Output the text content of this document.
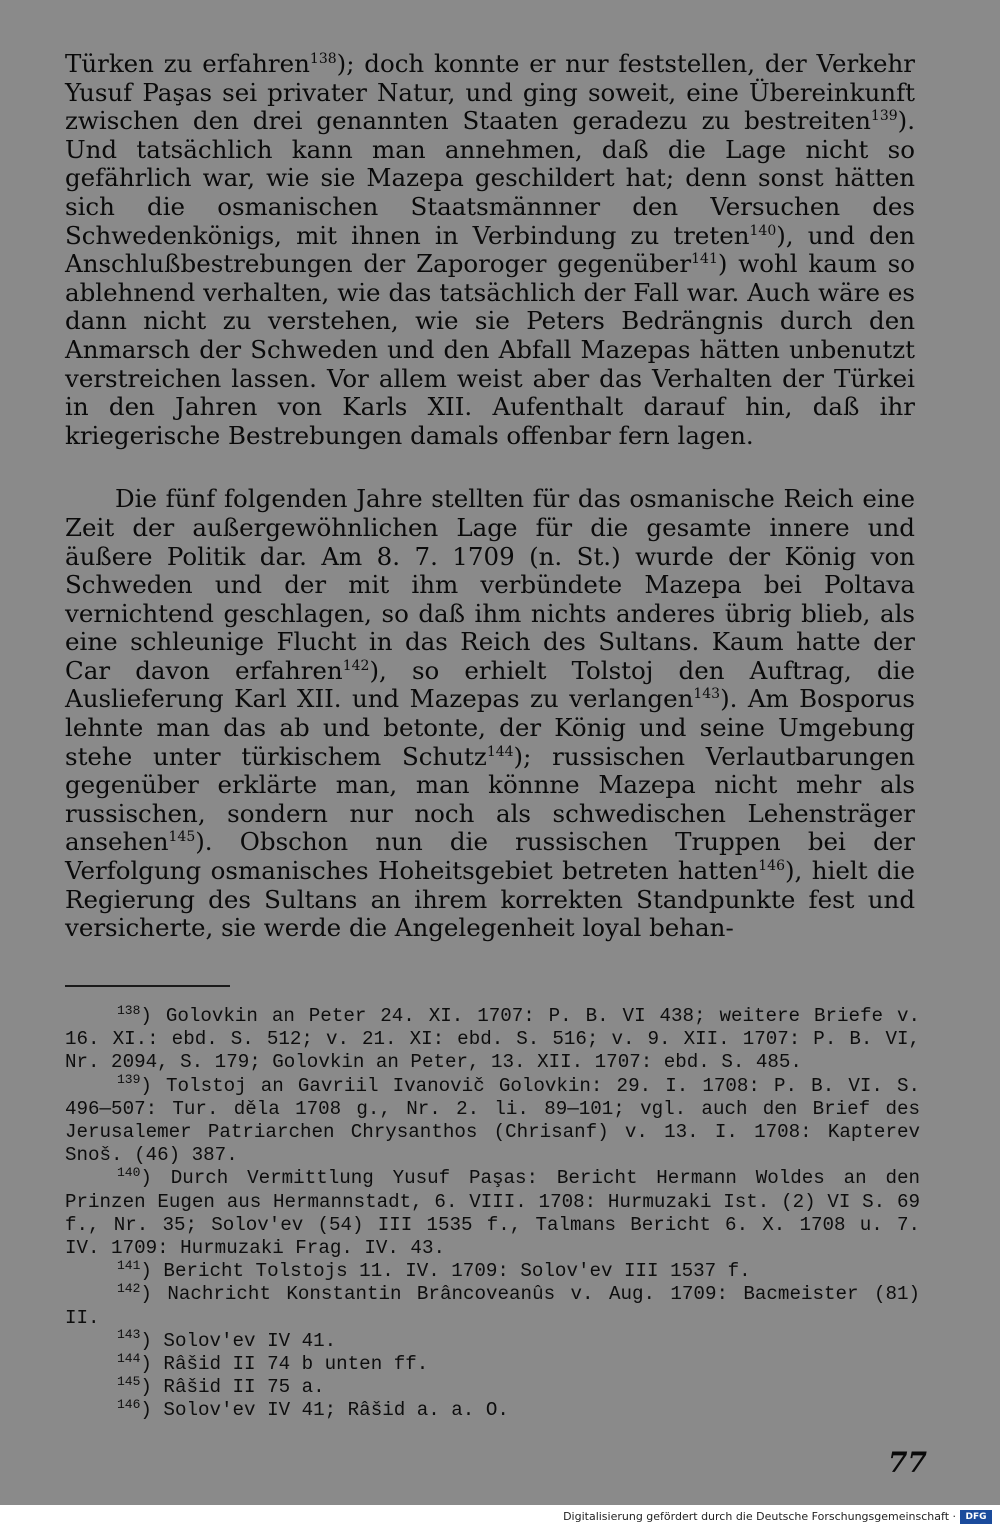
Türken zu erfahren$^{138}$); doch konnte er nur feststellen, der Verkehr Yusuf Paşas sei privater Natur, und ging soweit, eine Übereinkunft zwischen den drei genannten Staaten geradezu zu bestreiten$^{139}$). Und tatsächlich kann man annehmen, daß die Lage nicht so gefährlich war, wie sie Mazepa geschildert hat; denn sonst hätten sich die osmanischen Staatsmännner den Versuchen des Schwedenkönigs, mit ihnen in Verbindung zu treten$^{140}$), und den Anschlußbestrebungen der Zaporoger gegenüber$^{141}$) wohl kaum so ablehnend verhalten, wie das tatsächlich der Fall war. Auch wäre es dann nicht zu verstehen, wie sie Peters Bedrängnis durch den Anmarsch der Schweden und den Abfall Mazepas hätten unbenutzt verstreichen lassen. Vor allem weist aber das Verhalten der Türkei in den Jahren von Karls XII. Aufenthalt darauf hin, daß ihr kriegerische Bestrebungen damals offenbar fern lagen.

Die fünf folgenden Jahre stellten für das osmanische Reich eine Zeit der außergewöhnlichen Lage für die gesamte innere und äußere Politik dar. Am 8. 7. 1709 (n. St.) wurde der König von Schweden und der mit ihm verbündete Mazepa bei Poltava vernichtend geschlagen, so daß ihm nichts anderes übrig blieb, als eine schleunige Flucht in das Reich des Sultans. Kaum hatte der Car davon erfahren$^{142}$), so erhielt Tolstoj den Auftrag, die Auslieferung Karl XII. und Mazepas zu verlangen$^{143}$). Am Bosporus lehnte man das ab und betonte, der König und seine Umgebung stehe unter türkischem Schutz$^{144}$); russischen Verlautbarungen gegenüber erklärte man, man könnne Mazepa nicht mehr als russischen, sondern nur noch als schwedischen Lehensträger ansehen$^{145}$). Obschon nun die russischen Truppen bei der Verfolgung osmanisches Hoheitsgebiet betreten hatten$^{146}$), hielt die Regierung des Sultans an ihrem korrekten Standpunkte fest und versicherte, sie werde die Angelegenheit loyal behan-

$^{138}$) Golovkin an Peter 24. XI. 1707: P. B. VI 438; weitere Briefe v. 16. XI.: ebd. S. 512; v. 21. XI: ebd. S. 516; v. 9. XII. 1707: P. B. VI, Nr. 2094, S. 179; Golovkin an Peter, 13. XII. 1707: ebd. S. 485.

$^{139}$) Tolstoj an Gavriil Ivanovič Golovkin: 29. I. 1708: P. B. VI. S. 496—507: Tur. děla 1708 g., Nr. 2. li. 89—101; vgl. auch den Brief des Jerusalemer Patriarchen Chrysanthos (Chrisanf) v. 13. I. 1708: Kapterev Snoš. (46) 387.

$^{140}$) Durch Vermittlung Yusuf Paşas: Bericht Hermann Woldes an den Prinzen Eugen aus Hermannstadt, 6. VIII. 1708: Hurmuzaki Ist. (2) VI S. 69 f., Nr. 35; Solov'ev (54) III 1535 f., Talmans Bericht 6. X. 1708 u. 7. IV. 1709: Hurmuzaki Frag. IV. 43.

$^{141}$) Bericht Tolstojs 11. IV. 1709: Solov'ev III 1537 f.

$^{142}$) Nachricht Konstantin Brâncoveanûs v. Aug. 1709: Bacmeister (81) II.

$^{143}$) Solov'ev IV 41.

$^{144}$) Râšid II 74 b unten ff.

$^{145}$) Râšid II 75 a.

$^{146}$) Solov'ev IV 41; Râšid a. a. O.

77
Digitalisierung gefördert durch die Deutsche Forschungsgemeinschaft ·	DFG
